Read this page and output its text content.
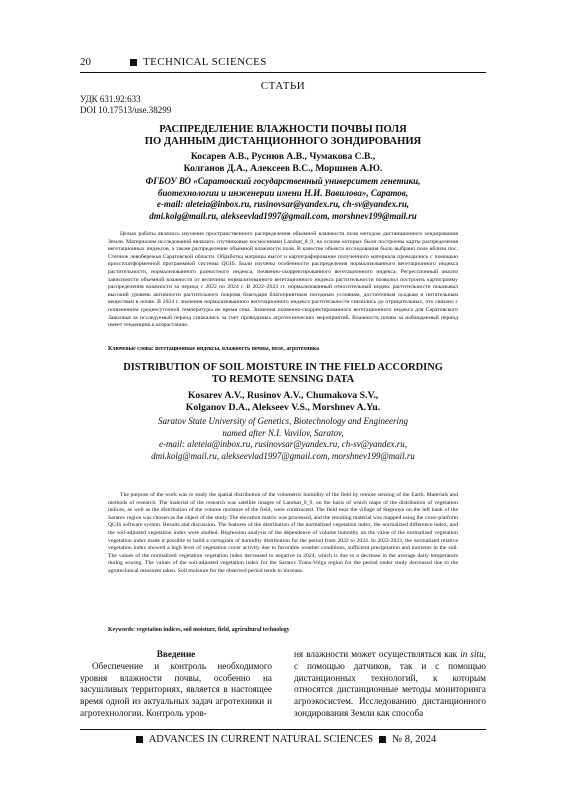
20	TECHNICAL SCIENCES
СТАТЬИ
УДК 631.92:633
DOI 10.17513/use.38299
РАСПРЕДЕЛЕНИЕ ВЛАЖНОСТИ ПОЧВЫ ПОЛЯ
ПО ДАННЫМ ДИСТАНЦИОННОГО ЗОНДИРОВАНИЯ
Косарев А.В., Руснюв А.В., Чумакова С.В.,
Колганов Д.А., Алексеев В.С., Моршнев А.Ю.
ФГБОУ ВО «Саратовский государственный университет генетики,
биотехнологии и инженерии имени Н.И. Вавилова», Саратов,
e-mail: aleteia@inbox.ru, rusinovsar@yandex.ru, ch-sv@yandex.ru,
dmi.kolg@mail.ru, alekseevlad1997@gmail.com, morshnev199@mail.ru
Целью работы являлось изучение пространственного распределения объемной влажности поля методом дистанционного зондирования Земли. Материалом исследований являлись спутниковые космоснимки Landsat_8_9, на основе которых были построены карты распределения вегетационных индексов, а также распределение объемной влажности поля. В качестве объекта исследования было выбрано поле вблизи пос. Степное левобережья Саратовской области. Обработка матрицы высот и картографирование полученного материала проводились с помощью кроссплатформенной программной системы QGIS. Были изучены особенности распределения нормализованного вегетационного индекса растительности, нормализованного разностного индекса, почвенно-скорректированного вегетационного индекса. Регрессионный анализ зависимости объемной влажности от величины нормализованного вегетационного индекса растительности позволил построить картограмму распределения влажности за период с 2022 по 2024 г. В 2022–2023 гг. нормализованный относительный индекс растительности показывал высокий уровень активности растительного покрова благодаря благоприятным погодным условиям, достаточным осадкам и питательным веществам в почве. В 2024 г. значения нормализованного вегетационного индекса растительности снизились до отрицательных, что связано с понижением среднесуточной температуры во время сева. Значения почвенно-скорректированного вегетационного индекса для Саратовского Заволжья за исследуемый период снижались за счет проводимых агротехнических мероприятий. Влажность почвы за наблюдаемый период имеет тенденцию к возрастанию.
Ключевые слова: вегетационные индексы, влажность почвы, поле, агротехника
DISTRIBUTION OF SOIL MOISTURE IN THE FIELD ACCORDING
TO REMOTE SENSING DATA
Kosarev A.V., Rusinov A.V., Chumakova S.V.,
Kolganov D.A., Alekseev V.S., Morshnev A.Yu.
Saratov State University of Genetics, Biotechnology and Engineering
named after N.I. Vavilov, Saratov,
e-mail: aleteia@inbox.ru, rusinovsar@yandex.ru, ch-sv@yandex.ru,
dmi.kolg@mail.ru, alekseevlad1997@gmail.com, morshnev199@mail.ru
The purpose of the work was to study the spatial distribution of the volumetric humidity of the field by remote sensing of the Earth. Materials and methods of research. The material of the research was satellite images of Landsat_8_9, on the basis of which maps of the distribution of vegetation indices, as well as the distribution of the volume moisture of the field, were constructed. The field near the village of Stepnoye on the left bank of the Saratov region was chosen as the object of the study. The elevation matrix was processed, and the resulting material was mapped using the cross-platform QGIS software system. Results and discussion. The features of the distribution of the normalized vegetation index, the normalized difference index, and the soil-adjusted vegetation index were studied. Regression analysis of the dependence of volume humidity on the value of the normalized vegetation vegetation index made it possible to build a cartogram of humidity distribution for the period from 2022 to 2024. In 2022-2023, the normalized relative vegetation index showed a high level of vegetation cover activity due to favorable weather conditions, sufficient precipitation and nutrients in the soil. The values of the normalized vegetation vegetation index decreased to negative in 2024, which is due to a decrease in the average daily temperature during sowing. The values of the soil-adjusted vegetation index for the Saratov Trans-Volga region for the period under study decreased due to the agrotechnical measures taken. Soil moisture for the observed period tends to increase.
Keywords: vegetation indices, soil moisture, field, agricultural technology

Введение

Обеспечение и контроль необходимого уровня влажности почвы, особенно на засушливых территориях, является в настоящее время одной из актуальных задач агротехники и агротехнологии. Контроль уров-

ня влажности может осуществляться как in situ, с помощью датчиков, так и с помощью дистанционных технологий, к которым относятся дистанционные методы мониторинга агроэкосистем. Исследованию дистанционного зондирования Земли как способа

ADVANCES IN CURRENT NATURAL SCIENCES № 8, 2024
